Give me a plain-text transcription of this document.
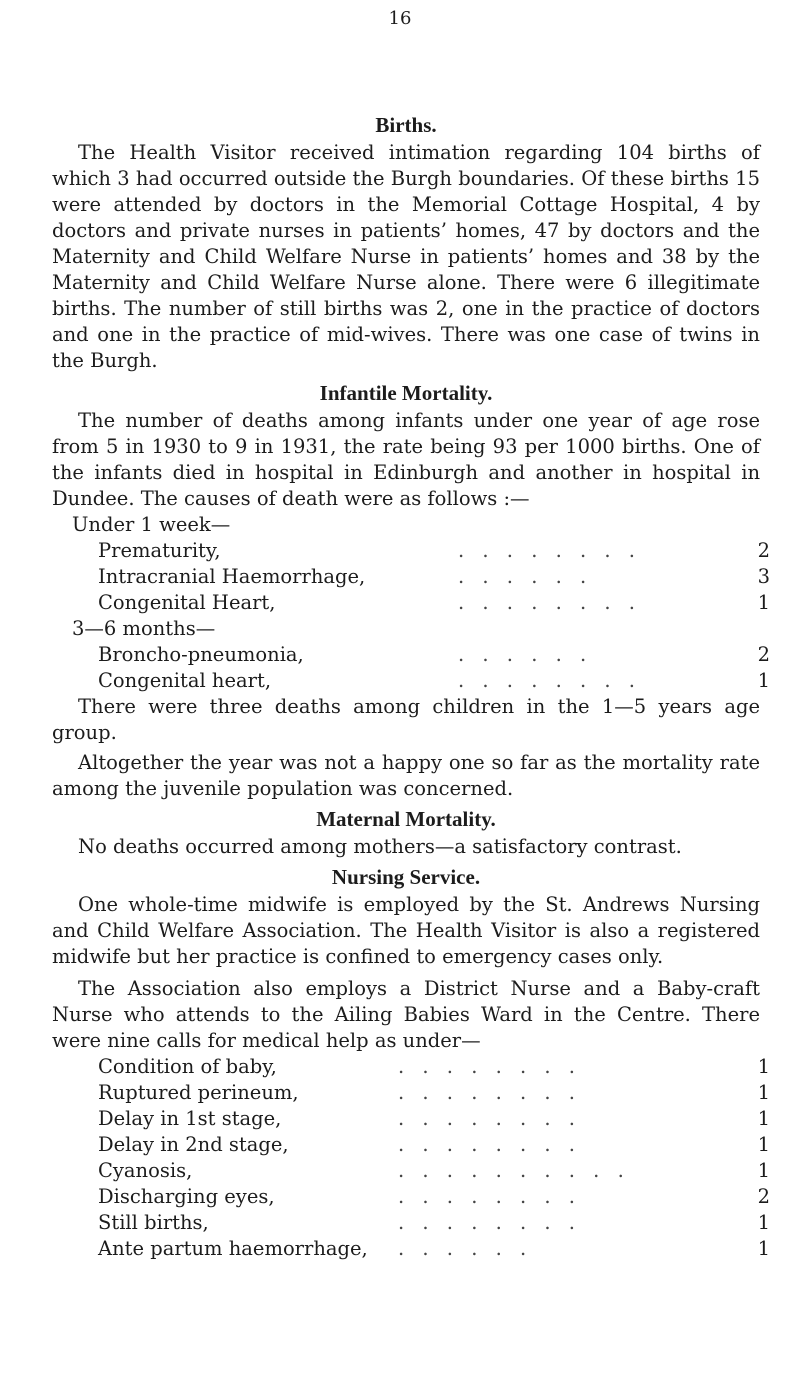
16
Births.

The Health Visitor received intimation regarding 104 births of which 3 had occurred outside the Burgh boundaries. Of these births 15 were attended by doctors in the Memorial Cottage Hospital, 4 by doctors and private nurses in patients’ homes, 47 by doctors and the Maternity and Child Welfare Nurse in patients’ homes and 38 by the Maternity and Child Welfare Nurse alone. There were 6 illegitimate births. The number of still births was 2, one in the practice of doctors and one in the practice of mid-wives. There was one case of twins in the Burgh.

Infantile Mortality.

The number of deaths among infants under one year of age rose from 5 in 1930 to 9 in 1931, the rate being 93 per 1000 births. One of the infants died in hospital in Edinburgh and another in hospital in Dundee. The causes of death were as follows :—

Under 1 week—
Prematurity,	. . . . . . . .	2
Intracranial Haemorrhage,	. . . . . .	3
Congenital Heart,	. . . . . . . .	1
3—6 months—
Broncho-pneumonia,	. . . . . .	2
Congenital heart,	. . . . . . . .	1

There were three deaths among children in the 1—5 years age group.

Altogether the year was not a happy one so far as the mortality rate among the juvenile population was concerned.

Maternal Mortality.

No deaths occurred among mothers—a satisfactory contrast.

Nursing Service.

One whole-time midwife is employed by the St. Andrews Nursing and Child Welfare Association. The Health Visitor is also a registered midwife but her practice is confined to emergency cases only.

The Association also employs a District Nurse and a Baby-craft Nurse who attends to the Ailing Babies Ward in the Centre. There were nine calls for medical help as under—

Condition of baby,	. . . . . . . .	1
Ruptured perineum,	. . . . . . . .	1
Delay in 1st stage,	. . . . . . . .	1
Delay in 2nd stage,	. . . . . . . .	1
Cyanosis,	. . . . . . . . . .	1
Discharging eyes,	. . . . . . . .	2
Still births,	. . . . . . . .	1
Ante partum haemorrhage,	. . . . . .	1
